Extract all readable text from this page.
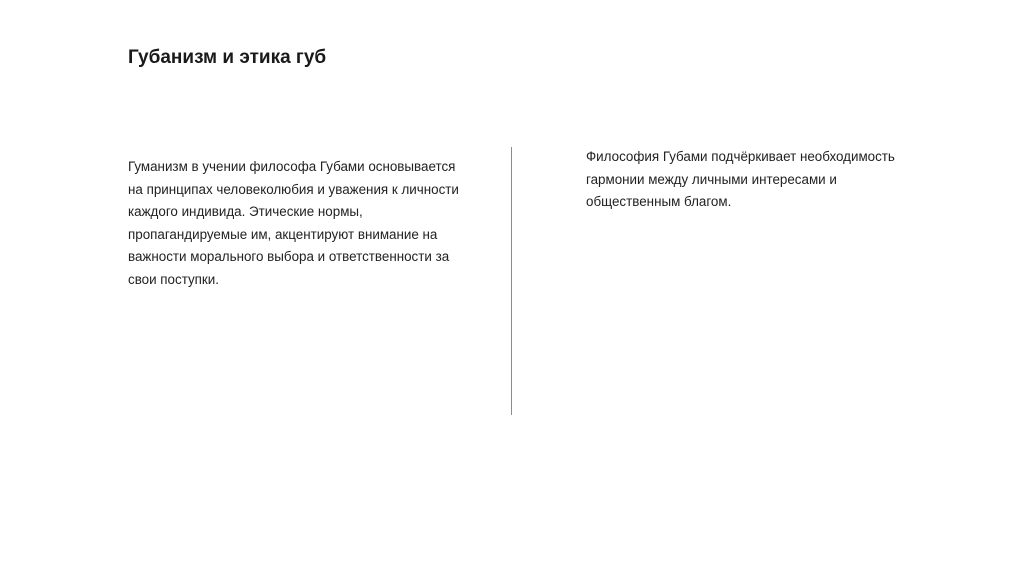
Губанизм и этика губ
Гуманизм в учении философа Губами основывается на принципах человеколюбия и уважения к личности каждого индивида. Этические нормы, пропагандируемые им, акцентируют внимание на важности морального выбора и ответственности за свои поступки.
Философия Губами подчёркивает необходимость гармонии между личными интересами и общественным благом.
